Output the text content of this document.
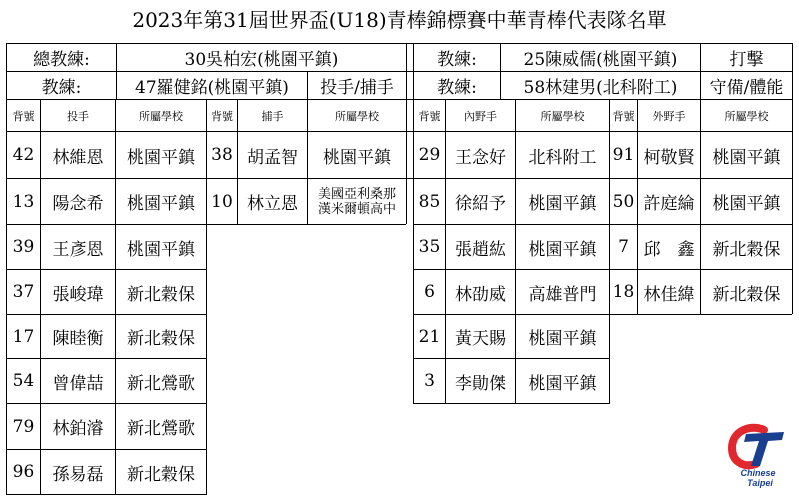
2023年第31屆世界盃(U18)青棒錦標賽中華青棒代表隊名單
總教練:	30吳柏宏(桃園平鎮)	教練:	25陳威儒(桃園平鎮)	打擊
教練:	47羅健銘(桃園平鎮)	投手/捕手	教練:	58林建男(北科附工)	守備/體能
背號	投手	所屬學校	背號	捕手	所屬學校	背號	內野手	所屬學校	背號	外野手	所屬學校
42	林維恩	桃園平鎮
13	陽念希	桃園平鎮
39	王彥恩	桃園平鎮
37	張峻瑋	新北穀保
17	陳睦衡	新北穀保
54	曾偉喆	新北鶯歌
79	林鉑濬	新北鶯歌
96	孫易磊	新北穀保
38 胡孟智	桃園平鎮
10 林立恩	美國亞利桑那
漢米爾頓高中
29 王念好	北科附工
85 徐紹予	桃園平鎮
35 張趙紘	桃園平鎮
6	林劭威	高雄普門
21 黃天賜	桃園平鎮
3	李勛傑	桃園平鎮
91 柯敬賢	桃園平鎮
50 許庭綸	桃園平鎮
7 邱　鑫	新北穀保
18 林佳緯	新北穀保
Chinese
Taipei
